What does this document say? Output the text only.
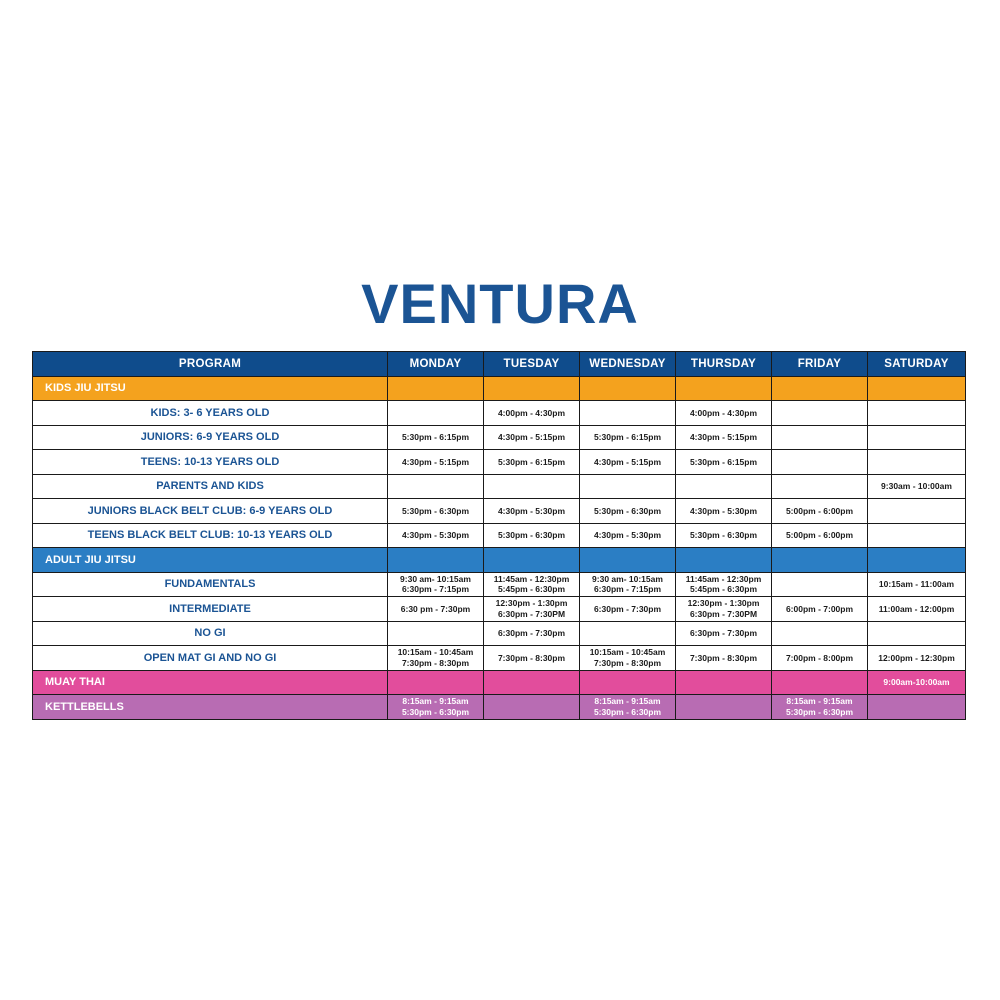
VENTURA
PROGRAM	MONDAY	TUESDAY	WEDNESDAY	THURSDAY	FRIDAY	SATURDAY
KIDS JIU JITSU						
KIDS: 3- 6 YEARS OLD		4:00pm - 4:30pm		4:00pm - 4:30pm		

JUNIORS: 6-9 YEARS OLD	5:30pm - 6:15pm	4:30pm - 5:15pm	5:30pm - 6:15pm	4:30pm - 5:15pm		

TEENS: 10-13 YEARS OLD	4:30pm - 5:15pm	5:30pm - 6:15pm	4:30pm - 5:15pm	5:30pm - 6:15pm		

PARENTS AND KIDS						9:30am - 10:00am

JUNIORS BLACK BELT CLUB: 6-9 YEARS OLD	5:30pm - 6:30pm	4:30pm - 5:30pm	5:30pm - 6:30pm	4:30pm - 5:30pm	5:00pm - 6:00pm	

TEENS BLACK BELT CLUB: 10-13 YEARS OLD	4:30pm - 5:30pm	5:30pm - 6:30pm	4:30pm - 5:30pm	5:30pm - 6:30pm	5:00pm - 6:00pm	

ADULT JIU JITSU						
FUNDAMENTALS	9:30 am- 10:15am
6:30pm - 7:15pm	11:45am - 12:30pm
5:45pm - 6:30pm	9:30 am- 10:15am
6:30pm - 7:15pm	11:45am - 12:30pm
5:45pm - 6:30pm		10:15am - 11:00am

INTERMEDIATE	6:30 pm - 7:30pm	12:30pm - 1:30pm
6:30pm - 7:30PM	6:30pm - 7:30pm	12:30pm - 1:30pm
6:30pm - 7:30PM	6:00pm - 7:00pm	11:00am - 12:00pm

NO GI		6:30pm - 7:30pm		6:30pm - 7:30pm		

OPEN MAT GI AND NO GI	10:15am - 10:45am
7:30pm - 8:30pm	7:30pm - 8:30pm	10:15am - 10:45am
7:30pm - 8:30pm	7:30pm - 8:30pm	7:00pm - 8:00pm	12:00pm - 12:30pm

MUAY THAI						9:00am-10:00am

KETTLEBELLS	8:15am - 9:15am
5:30pm - 6:30pm		8:15am - 9:15am
5:30pm - 6:30pm		8:15am - 9:15am
5:30pm - 6:30pm	
